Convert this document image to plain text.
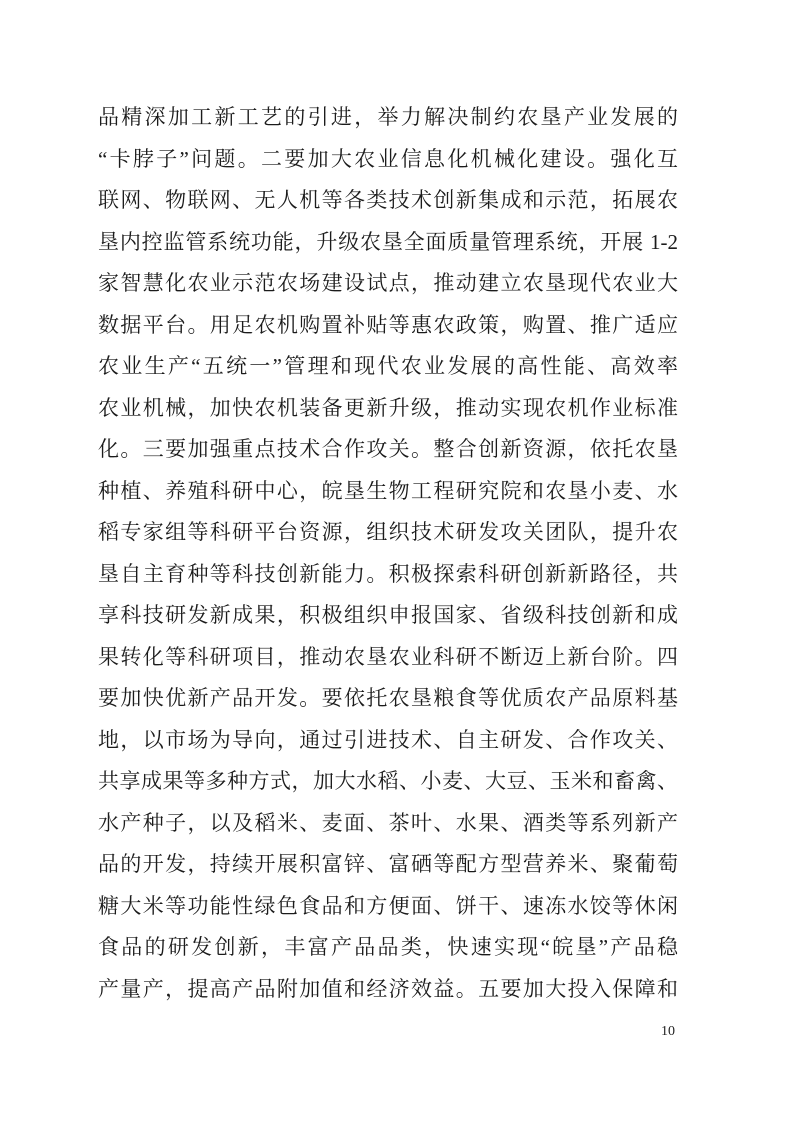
品精深加工新工艺的引进，举力解决制约农垦产业发展的
“卡脖子”问题。二要加大农业信息化机械化建设。强化互
联网、物联网、无人机等各类技术创新集成和示范，拓展农
垦内控监管系统功能，升级农垦全面质量管理系统，开展 1-2
家智慧化农业示范农场建设试点，推动建立农垦现代农业大
数据平台。用足农机购置补贴等惠农政策，购置、推广适应
农业生产“五统一”管理和现代农业发展的高性能、高效率
农业机械，加快农机装备更新升级，推动实现农机作业标准
化。三要加强重点技术合作攻关。整合创新资源，依托农垦
种植、养殖科研中心，皖垦生物工程研究院和农垦小麦、水
稻专家组等科研平台资源，组织技术研发攻关团队，提升农
垦自主育种等科技创新能力。积极探索科研创新新路径，共
享科技研发新成果，积极组织申报国家、省级科技创新和成
果转化等科研项目，推动农垦农业科研不断迈上新台阶。四
要加快优新产品开发。要依托农垦粮食等优质农产品原料基
地，以市场为导向，通过引进技术、自主研发、合作攻关、
共享成果等多种方式，加大水稻、小麦、大豆、玉米和畜禽、
水产种子，以及稻米、麦面、茶叶、水果、酒类等系列新产
品的开发，持续开展积富锌、富硒等配方型营养米、聚葡萄
糖大米等功能性绿色食品和方便面、饼干、速冻水饺等休闲
食品的研发创新，丰富产品品类，快速实现“皖垦”产品稳
产量产，提高产品附加值和经济效益。五要加大投入保障和
10
